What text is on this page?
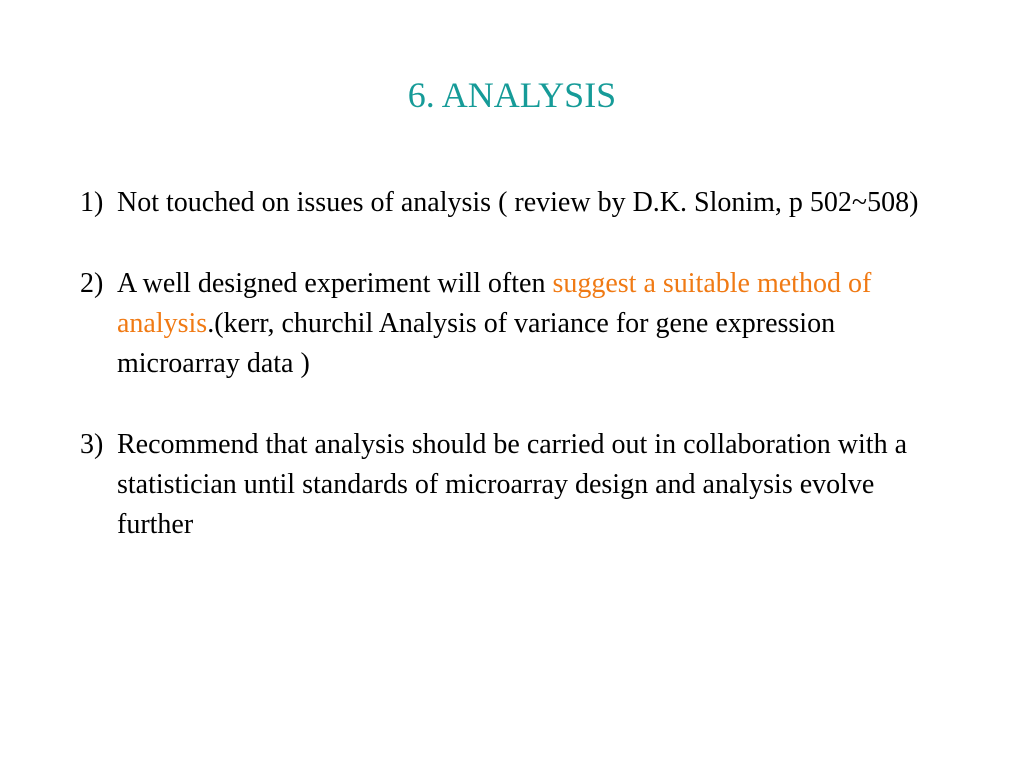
6. ANALYSIS
1) Not touched on issues of analysis ( review by D.K. Slonim, p 502~508)
2) A well designed experiment will often suggest a suitable method of analysis.(kerr, churchil Analysis of variance for gene expression microarray data )
3) Recommend that analysis should be carried out in collaboration with a statistician until standards of microarray design and analysis evolve further
